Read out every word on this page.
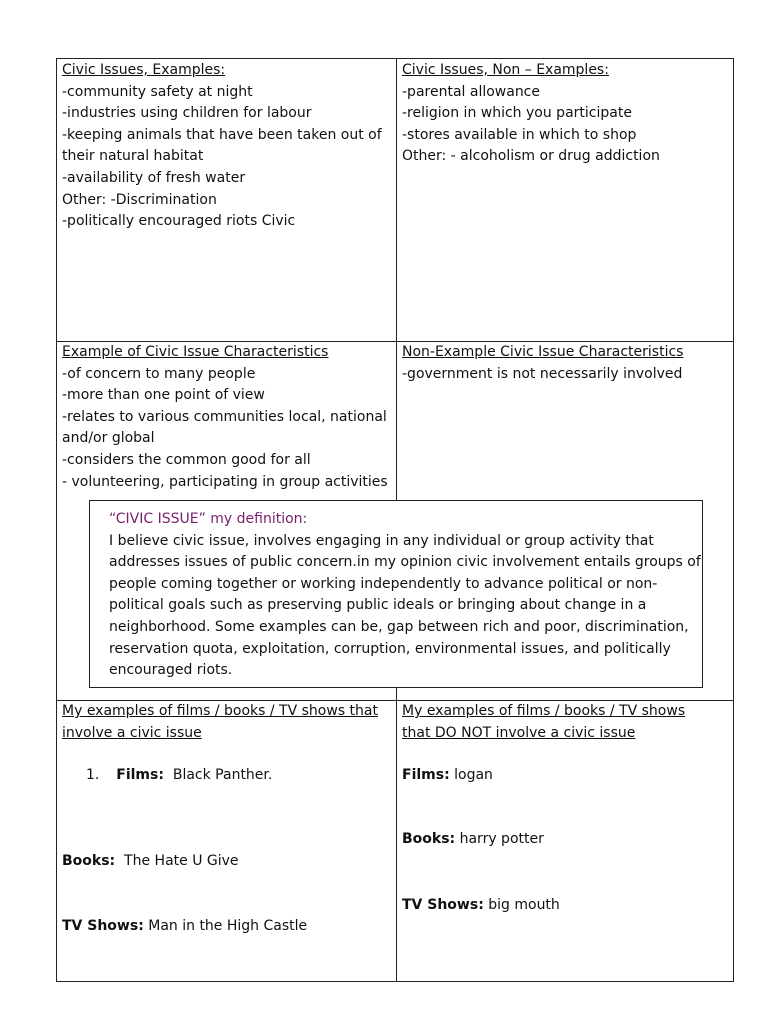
Civic Issues, Examples:
-community safety at night
-industries using children for labour
-keeping animals that have been taken out of
their natural habitat
-availability of fresh water
Other: -Discrimination
-politically encouraged riots Civic
Civic Issues, Non – Examples:
-parental allowance
-religion in which you participate
-stores available in which to shop
Other: - alcoholism or drug addiction
Example of Civic Issue Characteristics
-of concern to many people
-more than one point of view
-relates to various communities local, national
and/or global
-considers the common good for all
- volunteering, participating in group activities
Non-Example Civic Issue Characteristics
-government is not necessarily involved
“CIVIC ISSUE” my definition:
I believe civic issue, involves engaging in any individual or group activity that
addresses issues of public concern.in my opinion civic involvement entails groups of
people coming together or working independently to advance political or non-
political goals such as preserving public ideals or bringing about change in a
neighborhood. Some examples can be, gap between rich and poor, discrimination,
reservation quota, exploitation, corruption, environmental issues, and politically
encouraged riots.
My examples of films / books / TV shows that
involve a civic issue
1. Films:  Black Panther.
Books:  The Hate U Give
TV Shows: Man in the High Castle
My examples of films / books / TV shows
that DO NOT involve a civic issue
Films: logan
Books: harry potter
TV Shows: big mouth
